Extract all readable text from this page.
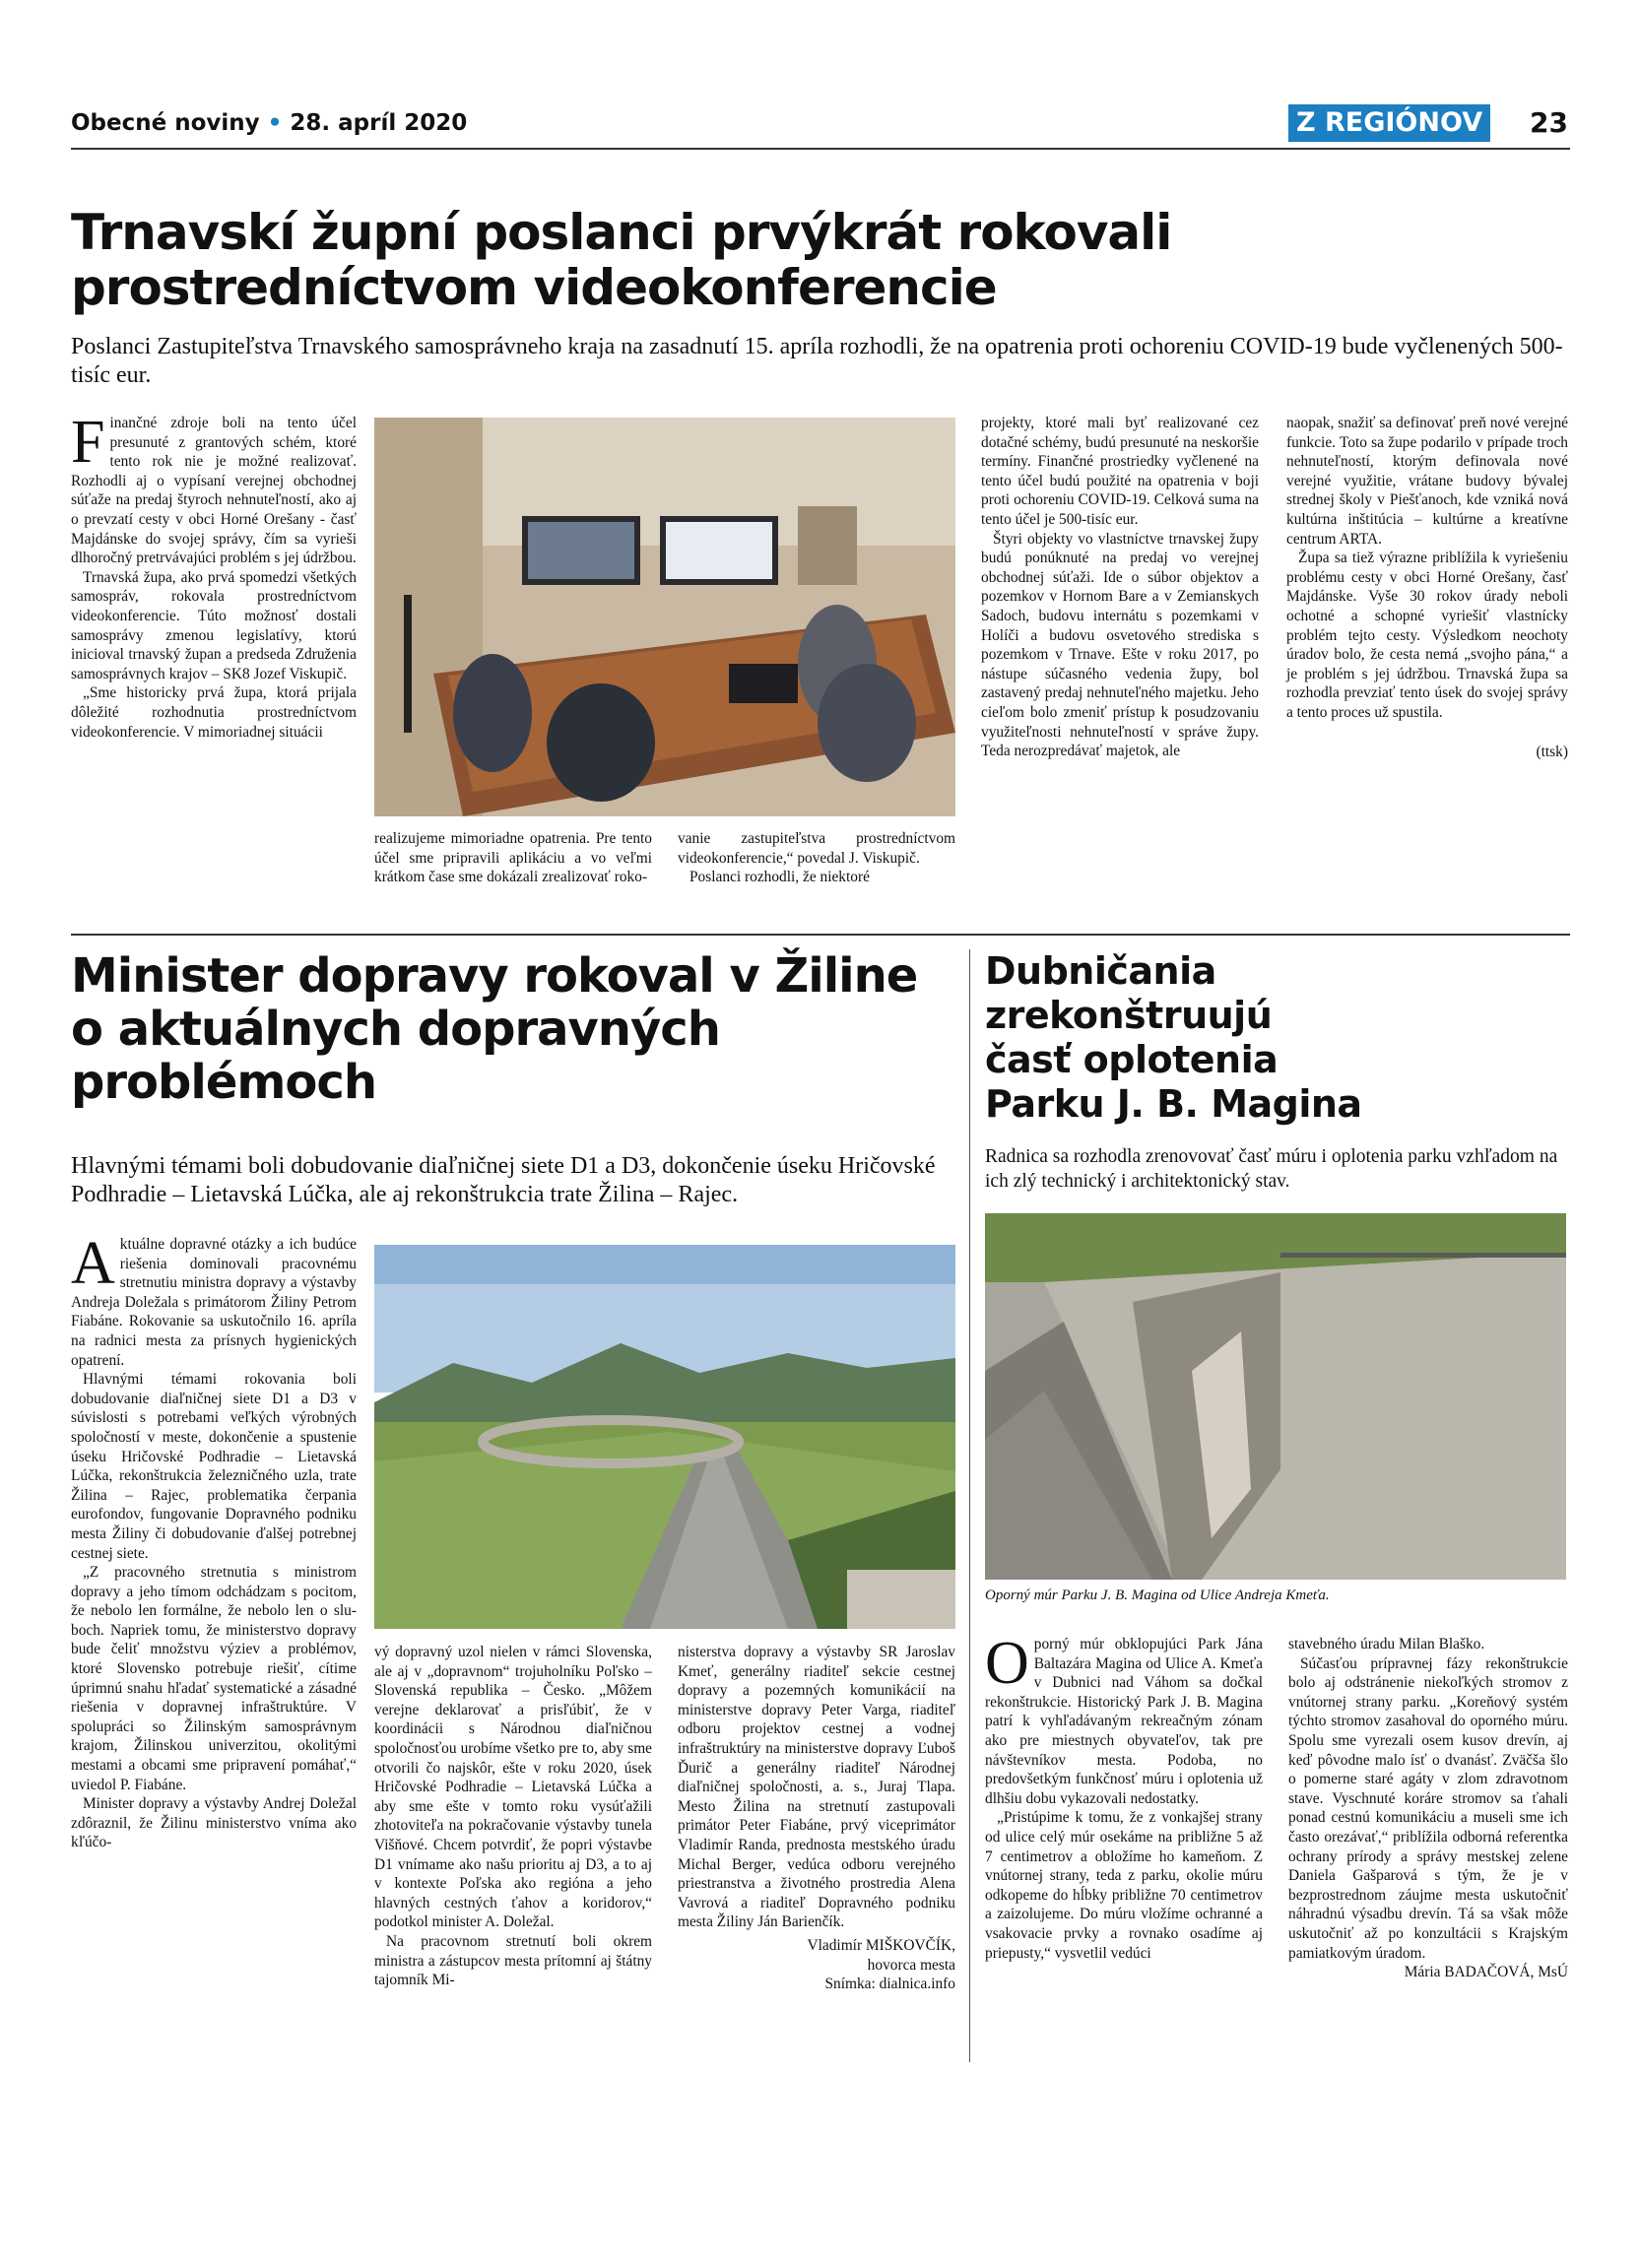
Obecné noviny • 28. apríl 2020	Z REGIÓNOV 23
Trnavskí župní poslanci prvýkrát rokovali
prostredníctvom videokonferencie
Poslanci Zastupiteľstva Trnavského samosprávneho kraja na zasadnutí 15. apríla rozhodli, že na opatrenia proti ochoreniu COVID-19 bude vyčlenených 500-tisíc eur.

Finančné zdroje boli na tento účel presunuté z grantových schém, ktoré tento rok nie je možné realizovať. Rozhodli aj o vypísaní verejnej obchodnej súťaže na predaj štyroch nehnuteľností, ako aj o prevzatí cesty v obci Horné Orešany - časť Majdánske do svojej správy, čím sa vyrieši dlhoročný pretrvávajúci problém s jej údržbou.

Trnavská župa, ako prvá spomedzi všetkých samospráv, rokovala prostredníctvom videokonferencie. Túto možnosť dostali samosprávy zmenou legislatívy, ktorú inicioval trnavský župan a predseda Združenia samosprávnych krajov – SK8 Jozef Viskupič.

„Sme historicky prvá župa, ktorá prijala dôležité rozhodnutia prostredníctvom videokonferencie. V mimoriadnej situácii

realizujeme mimoriadne opatrenia. Pre tento účel sme pripravili aplikáciu a vo veľmi krátkom čase sme dokázali zrealizovať roko-

vanie zastupiteľstva prostredníctvom videokonferencie,“ povedal J. Viskupič.

Poslanci rozhodli, že niektoré

projekty, ktoré mali byť realizované cez dotačné schémy, budú presunuté na neskoršie termíny. Finančné prostriedky vyčlenené na tento účel budú použité na opatrenia v boji proti ochoreniu COVID-19. Celková suma na tento účel je 500-tisíc eur.

Štyri objekty vo vlastníctve trnavskej župy budú ponúknuté na predaj vo verejnej obchodnej súťaži. Ide o súbor objektov a pozemkov v Hornom Bare a v Zemianskych Sadoch, budovu internátu s pozemkami v Holíči a budovu osvetového strediska s pozemkom v Trnave. Ešte v roku 2017, po nástupe súčasného vedenia župy, bol zastavený predaj nehnuteľného majetku. Jeho cieľom bolo zmeniť prístup k posudzovaniu využiteľnosti nehnuteľností v správe župy. Teda nerozpredávať majetok, ale

naopak, snažiť sa definovať preň nové verejné funkcie. Toto sa župe podarilo v prípade troch nehnuteľností, ktorým definovala nové verejné využitie, vrátane budovy bývalej strednej školy v Piešťanoch, kde vzniká nová kultúrna inštitúcia – kultúrne a kreatívne centrum ARTA.

Župa sa tiež výrazne priblížila k vyriešeniu problému cesty v obci Horné Orešany, časť Majdánske. Vyše 30 rokov úrady neboli ochotné a schopné vyriešiť vlastnícky problém tejto cesty. Výsledkom neochoty úradov bolo, že cesta nemá „svojho pána,“ a je problém s jej údržbou. Trnavská župa sa rozhodla prevziať tento úsek do svojej správy a tento proces už spustila.

(ttsk)
Minister dopravy rokoval v Žiline
o aktuálnych dopravných
problémoch
Hlavnými témami boli dobudovanie diaľničnej siete D1 a D3, dokončenie úseku Hričovské Podhradie – Lietavská Lúčka, ale aj rekonštrukcia trate Žilina – Rajec.

Aktuálne dopravné otázky a ich budúce riešenia dominovali pracovnému stretnutiu ministra dopravy a výstavby Andreja Doležala s primátorom Žiliny Petrom Fiabáne. Rokovanie sa uskutočnilo 16. apríla na radnici mesta za prísnych hygienických opatrení.

Hlavnými témami rokovania boli dobudovanie diaľničnej siete D1 a D3 v súvislosti s potrebami veľkých výrobných spoločností v meste, dokončenie a spustenie úseku Hričovské Podhradie – Lietavská Lúčka, rekonštrukcia železničného uzla, trate Žilina – Rajec, problematika čerpania eurofondov, fungovanie Dopravného podniku mesta Žiliny či dobudovanie ďalšej potrebnej cestnej siete.

„Z pracovného stretnutia s ministrom dopravy a jeho tímom odchádzam s pocitom, že nebolo len formálne, že nebolo len o slu-boch. Napriek tomu, že ministerstvo dopravy bude čeliť množstvu výziev a problémov, ktoré Slovensko potrebuje riešiť, cítime úprimnú snahu hľadať systematické a zásadné riešenia v dopravnej infraštruktúre. V spolupráci so Žilinským samosprávnym krajom, Žilinskou univerzitou, okolitými mestami a obcami sme pripravení pomáhať,“ uviedol P. Fiabáne.

Minister dopravy a výstavby Andrej Doležal zdôraznil, že Žilinu ministerstvo vníma ako kľúčo-

vý dopravný uzol nielen v rámci Slovenska, ale aj v „dopravnom“ trojuholníku Poľsko – Slovenská republika – Česko. „Môžem verejne deklarovať a prisľúbiť, že v koordinácii s Národnou diaľničnou spoločnosťou urobíme všetko pre to, aby sme otvorili čo najskôr, ešte v roku 2020, úsek Hričovské Podhradie – Lietavská Lúčka a aby sme ešte v tomto roku vysúťažili zhotoviteľa na pokračovanie výstavby tunela Višňové. Chcem potvrdiť, že popri výstavbe D1 vnímame ako našu prioritu aj D3, a to aj v kontexte Poľska ako regióna a jeho hlavných cestných ťahov a koridorov,“ podotkol minister A. Doležal.

Na pracovnom stretnutí boli okrem ministra a zástupcov mesta prítomní aj štátny tajomník Mi-

nisterstva dopravy a výstavby SR Jaroslav Kmeť, generálny riaditeľ sekcie cestnej dopravy a pozemných komunikácií na ministerstve dopravy Peter Varga, riaditeľ odboru projektov cestnej a vodnej infraštruktúry na ministerstve dopravy Ľuboš Ďurič a generálny riaditeľ Národnej diaľničnej spoločnosti, a. s., Juraj Tlapa. Mesto Žilina na stretnutí zastupovali primátor Peter Fiabáne, prvý viceprimátor Vladimír Randa, prednosta mestského úradu Michal Berger, vedúca odboru verejného priestranstva a životného prostredia Alena Vavrová a riaditeľ Dopravného podniku mesta Žiliny Ján Barienčík.

Vladimír MIŠKOVČÍK,
hovorca mesta
Snímka: dialnica.info
Dubničania
zrekonštruujú
časť oplotenia
Parku J. B. Magina
Radnica sa rozhodla zrenovovať časť múru i oplotenia parku vzhľadom na ich zlý technický i architektonický stav.
Oporný múr Parku J. B. Magina od Ulice Andreja Kmeťa.

Oporný múr obklopujúci Park Jána Baltazára Magina od Ulice A. Kmeťa v Dubnici nad Váhom sa dočkal rekonštrukcie. Historický Park J. B. Magina patrí k vyhľadávaným rekreačným zónam ako pre miestnych obyvateľov, tak pre návštevníkov mesta. Podoba, no predovšetkým funkčnosť múru i oplotenia už dlhšiu dobu vykazovali nedostatky.

„Pristúpime k tomu, že z vonkajšej strany od ulice celý múr osekáme na približne 5 až 7 centimetrov a obložíme ho kameňom. Z vnútornej strany, teda z parku, okolie múru odkopeme do hĺbky približne 70 centimetrov a zaizolujeme. Do múru vložíme ochranné a vsakovacie prvky a rovnako osadíme aj priepusty,“ vysvetlil vedúci

stavebného úradu Milan Blaško.

Súčasťou prípravnej fázy rekonštrukcie bolo aj odstránenie niekoľkých stromov z vnútornej strany parku. „Koreňový systém týchto stromov zasahoval do oporného múru. Spolu sme vyrezali osem kusov drevín, aj keď pôvodne malo ísť o dvanásť. Zväčša šlo o pomerne staré agáty v zlom zdravotnom stave. Vyschnuté koráre stromov sa ťahali ponad cestnú komunikáciu a museli sme ich často orezávať,“ priblížila odborná referentka ochrany prírody a správy mestskej zelene Daniela Gašparová s tým, že je v bezprostrednom záujme mesta uskutočniť náhradnú výsadbu drevín. Tá sa však môže uskutočniť až po konzultácii s Krajským pamiatkovým úradom.

Mária BADAČOVÁ, MsÚ
